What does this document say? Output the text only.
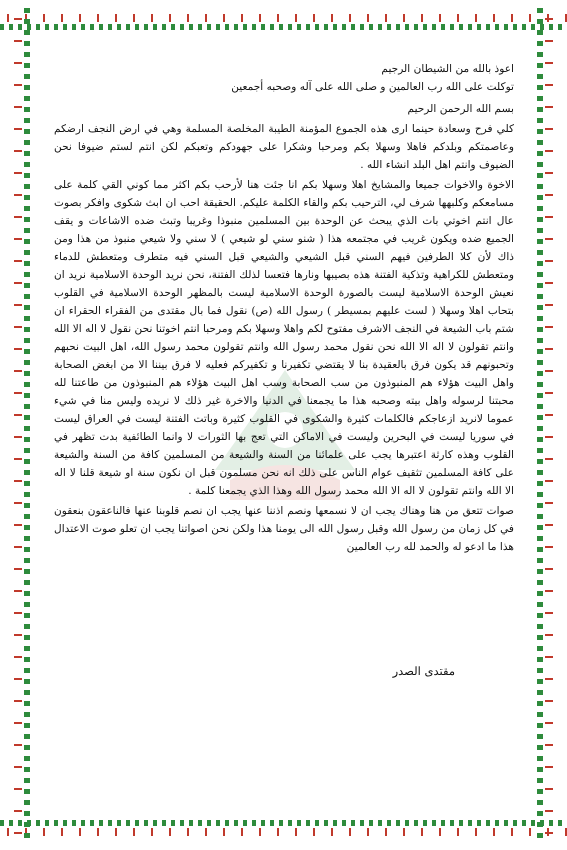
اعوذ بالله من الشيطان الرجيم

توكلت على الله رب العالمين و صلى الله على آله وصحبه أجمعين

بسم الله الرحمن الرحيم

كلي فرح وسعادة حينما ارى هذه الجموع المؤمنة الطيبة المخلصة المسلمة وهي في ارض النجف ارضكم وعاصمتكم وبلدكم فاهلا وسهلا بكم ومرحبا وشكرا على جهودكم وتعبكم لكن انتم لستم ضيوفا نحن الضيوف وانتم اهل البلد انشاء الله .

الاخوة والاخوات جميعا والمشايخ اهلا وسهلا بكم انا جئت هنا لأرحب بكم اكثر مما كوني القي كلمة على مسامعكم وكلبهها شرف لي، الترحيب بكم والقاء الكلمة عليكم. الحقيقة احب ان ابث شكوى وافكر بصوت عال انتم اخوتي بات الذي يبحث عن الوحدة بين المسلمين منبوذا وغريبا وتبث ضده الاشاعات و يقف الجميع ضده ويكون غريب في مجتمعه هذا ( شنو سني لو شيعي ) لا سني ولا شيعي منبوذ من هذا ومن ذاك لأن كلا الطرفين فيهم السني قبل الشيعي والشيعي قبل السني فيه متطرف ومتعطش للدماء ومتعطش للكراهية وتذكية الفتنة هذه بصيبها ونارها فتعسا لذلك الفتنة، نحن نريد الوحدة الاسلامية نريد ان نعيش الوحدة الاسلامية ليست بالصورة الوحدة الاسلامية ليست بالمظهر الوحدة الاسلامية في القلوب بتحاب اهلا وسهلا ( لست عليهم بمسيطر ) رسول الله (ص) نقول فما بال مقتدى من الفقراء الحقراء ان شتم باب الشيعة في النجف الاشرف مفتوح لكم واهلا وسهلا بكم ومرحبا انتم اخوتنا نحن نقول لا اله الا الله وانتم تقولون لا اله الا الله نحن نقول محمد رسول الله وانتم تقولون محمد رسول الله، اهل البيت نحبهم وتحبونهم قد يكون فرق بالعقيدة بنا لا يقتضي تكفيرنا و تكفيركم فعليه لا فرق بيننا الا من ابغض الصحابة واهل البيت هؤلاء هم المنبوذون من سب الصحابة وسب اهل البيت هؤلاء هم المنبوذون من طاعتنا لله محبتنا لرسوله واهل بيته وصحبه هذا ما يجمعنا في الدنيا والاخرة غير ذلك لا نريده وليس منا في شيء عموما لانريد ازعاجكم فالكلمات كثيرة والشكوى في القلوب كثيرة وباتت الفتنة ليست في العراق ليست في سوريا ليست في البحرين وليست في الاماكن التي تعج بها الثورات لا وانما الطائفية بدت تظهر في القلوب وهذه كارثة اعتبرها يجب على علمائنا من السنة والشيعة من المسلمين كافة من السنة والشيعة على كافة المسلمين تثقيف عوام الناس على ذلك انه نحن مسلمون قبل ان نكون سنة او شيعة قلنا لا اله الا الله وانتم تقولون لا اله الا الله محمد رسول الله وهذا الذي يجمعنا كلمة .

صوات تتعق من هنا وهناك يجب ان لا نسمعها ونصم اذننا عنها يجب ان نصم قلوبنا عنها فالناعقون بنعقون في كل زمان من رسول الله وقبل رسول الله الى يومنا هذا ولكن نحن اصواتنا يجب ان تعلو صوت الاعتدال هذا ما ادعو له والحمد لله رب العالمين

مقتدى الصدر
